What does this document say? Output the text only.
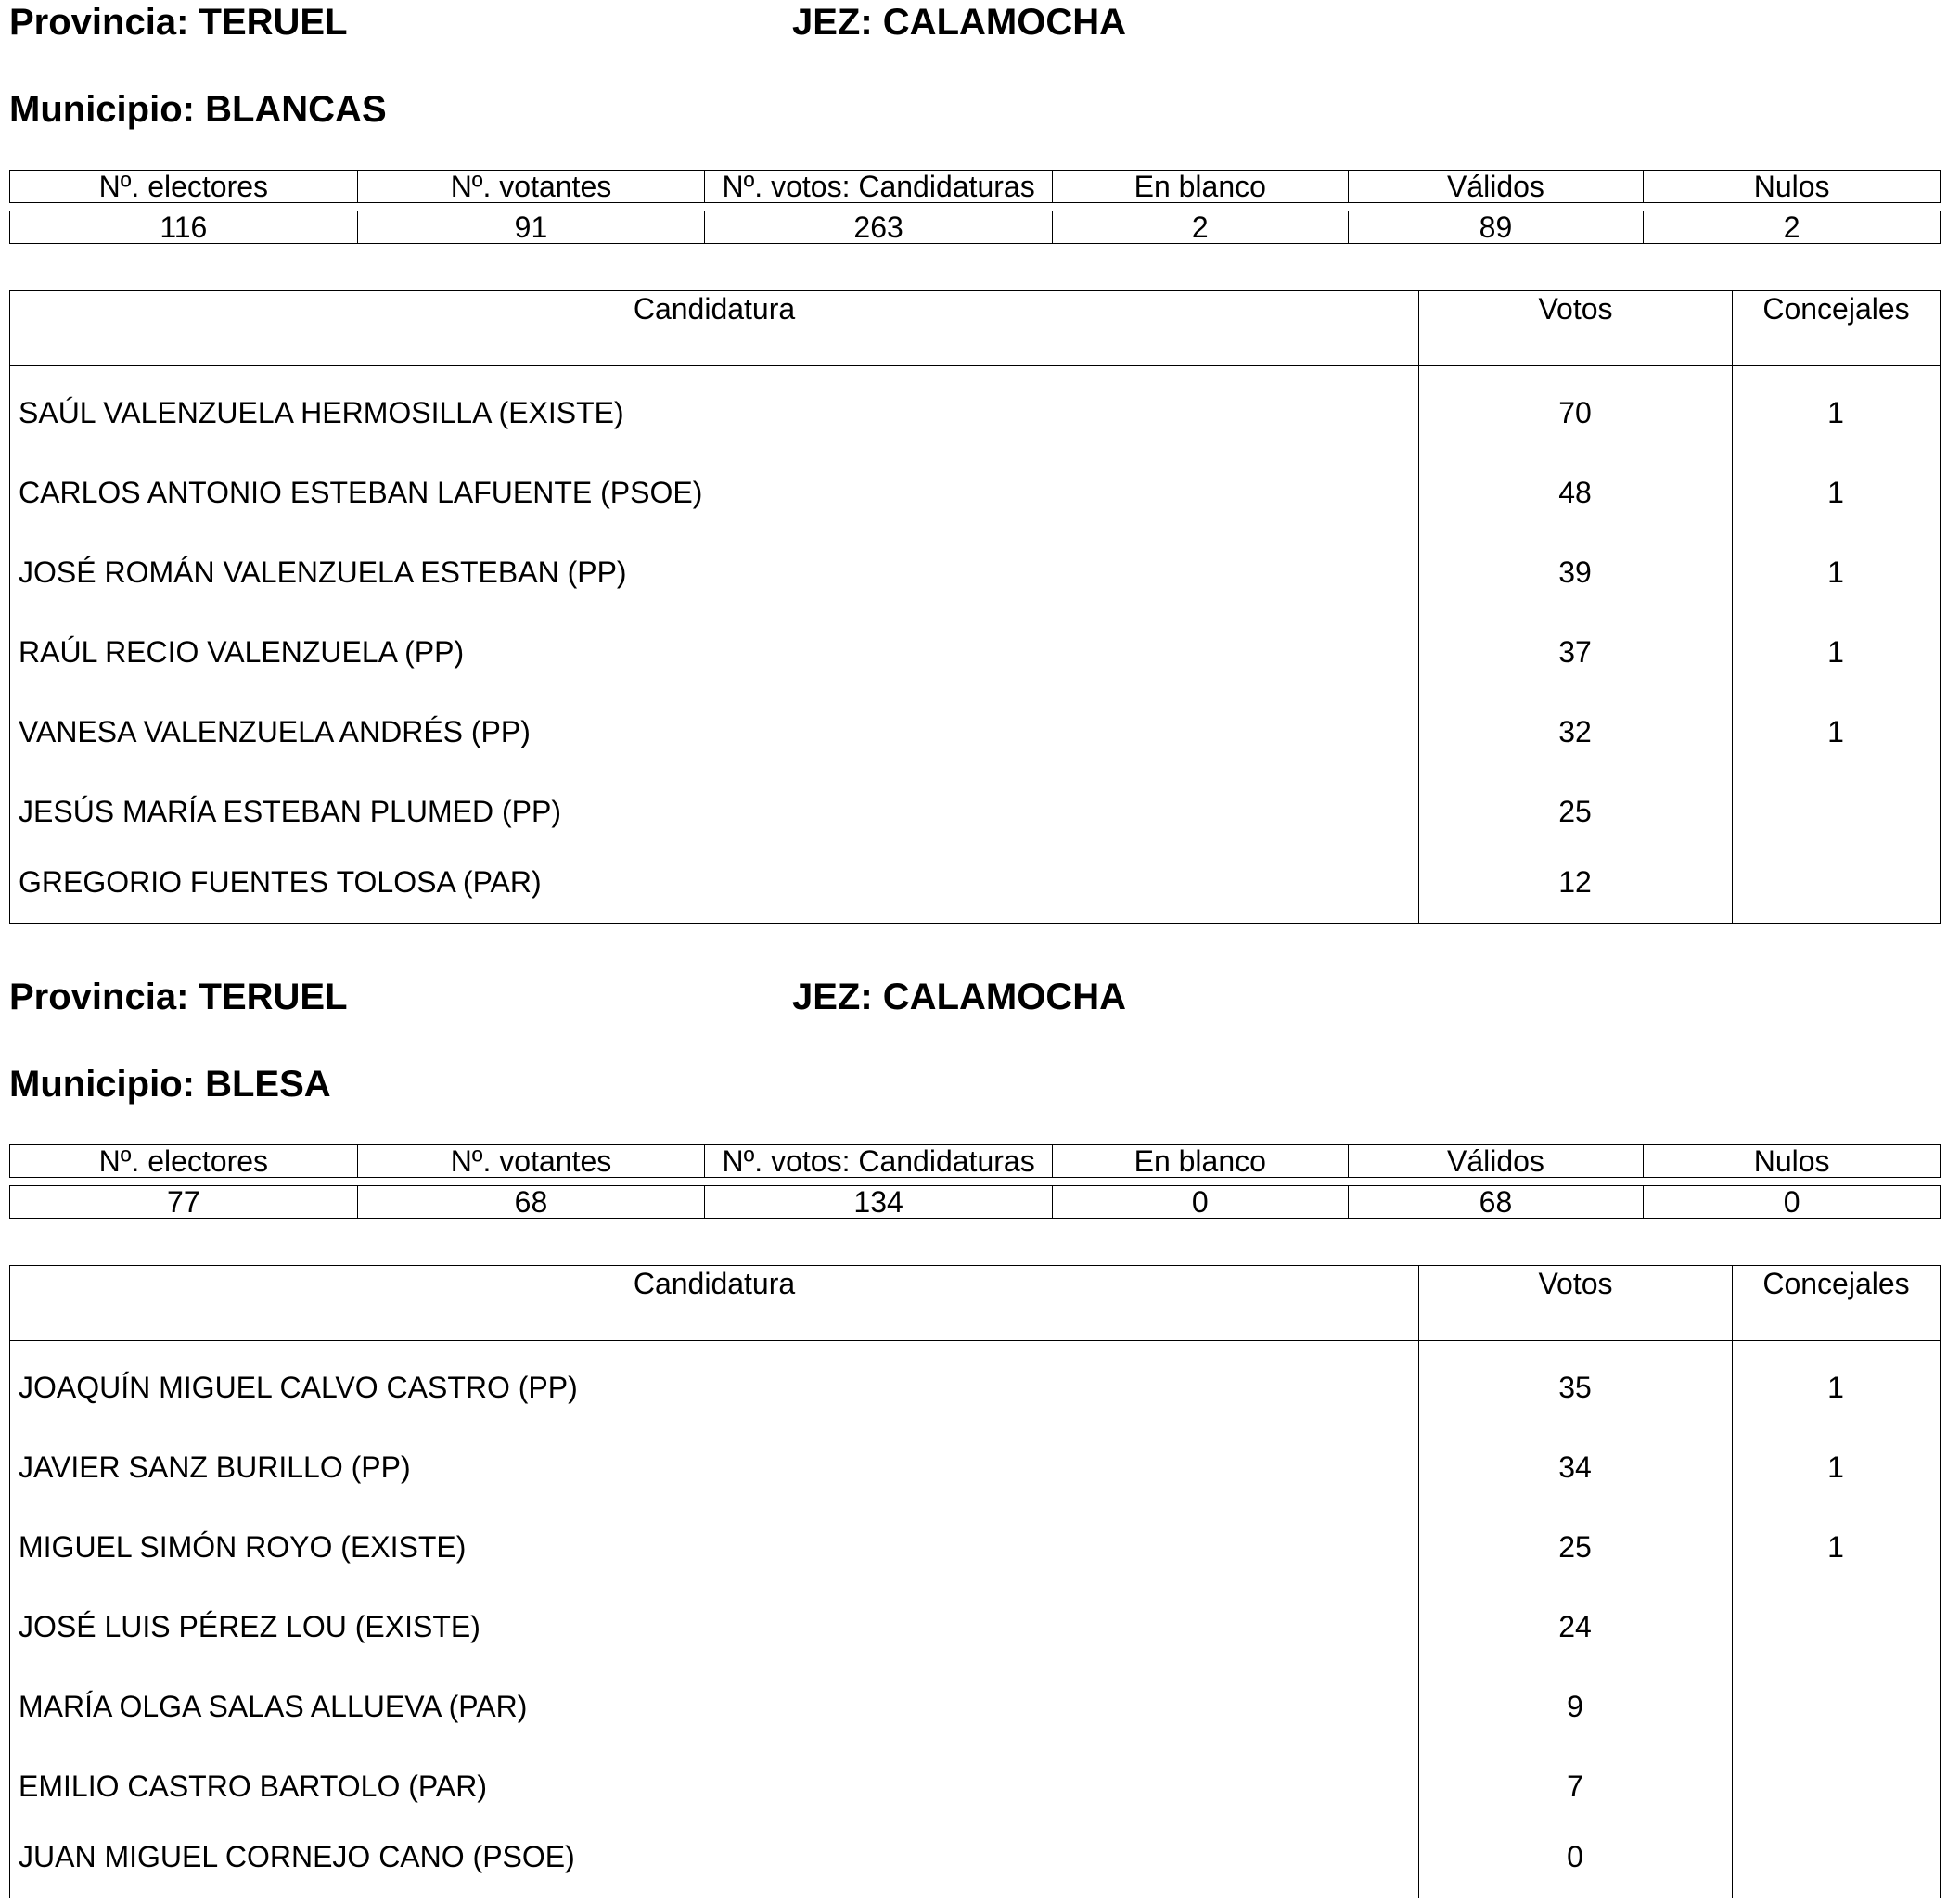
Provincia: TERUEL	JEZ: CALAMOCHA
Municipio: BLANCAS
Nº. electores	Nº. votantes	Nº. votos: Candidaturas	En blanco	Válidos	Nulos
116	91	263	2	89	2
Candidatura	Votos	Concejales
SAÚL VALENZUELA HERMOSILLA (EXISTE)	70	1
CARLOS ANTONIO ESTEBAN LAFUENTE (PSOE)	48	1
JOSÉ ROMÁN VALENZUELA ESTEBAN (PP)	39	1
RAÚL RECIO VALENZUELA (PP)	37	1
VANESA VALENZUELA ANDRÉS (PP)	32	1
JESÚS MARÍA ESTEBAN PLUMED (PP)	25
GREGORIO FUENTES TOLOSA (PAR)	12
Provincia: TERUEL	JEZ: CALAMOCHA
Municipio: BLESA
Nº. electores	Nº. votantes	Nº. votos: Candidaturas	En blanco	Válidos	Nulos
77	68	134	0	68	0
Candidatura	Votos	Concejales
JOAQUÍN MIGUEL CALVO CASTRO (PP)	35	1
JAVIER SANZ BURILLO (PP)	34	1
MIGUEL SIMÓN ROYO (EXISTE)	25	1
JOSÉ LUIS PÉREZ LOU (EXISTE)	24
MARÍA OLGA SALAS ALLUEVA (PAR)	9
EMILIO CASTRO BARTOLO (PAR)	7
JUAN MIGUEL CORNEJO CANO (PSOE)	0
